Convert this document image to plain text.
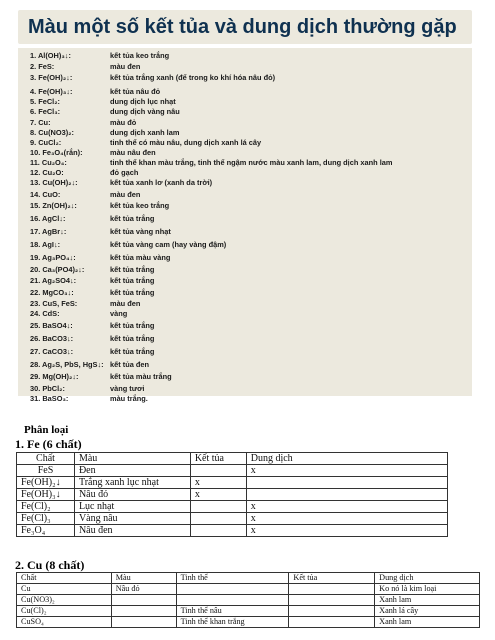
Màu một số kết tủa và dung dịch thường gặp
1. Al(OH)₃↓:	kết tủa keo trắng
2. FeS:	màu đen
3. Fe(OH)₂↓:	kết tủa trắng xanh (để trong ko khí hóa nâu đỏ)
4. Fe(OH)₃↓:	kết tủa nâu đỏ
5. FeCl₂:	dung dịch lục nhạt
6. FeCl₃:	dung dịch vàng nâu
7. Cu:	màu đỏ
8. Cu(NO3)₂:	dung dịch xanh lam
9. CuCl₂:	tinh thể có màu nâu, dung dịch xanh lá cây
10. Fe₃O₄(rắn):	màu nâu đen
11. Cu₂O₄:	tinh thể khan màu trắng, tinh thể ngậm nước màu xanh lam, dung dịch xanh lam
12. Cu₂O:	đỏ gạch
13. Cu(OH)₂↓:	kết tủa xanh lơ (xanh da trời)
14. CuO:	màu đen
15. Zn(OH)₂↓:	kết tủa keo trắng
16. AgCl↓:	kết tủa trắng
17. AgBr↓:	kết tủa vàng nhạt
18. AgI↓:	kết tủa vàng cam (hay vàng đậm)
19. Ag₃PO₄↓:	kết tủa màu vàng
20. Ca₃(PO4)₂↓:	kết tủa trắng
21. Ag₂SO4↓:	kết tủa trắng
22. MgCO₃↓:	kết tủa trắng
23. CuS, FeS:	màu đen
24. CdS:	vàng
25. BaSO4↓:	kết tủa trắng
26. BaCO3↓:	kết tủa trắng
27. CaCO3↓:	kết tủa trắng
28. Ag₂S, PbS, HgS↓: kết tủa đen
29. Mg(OH)₂↓:	kết tủa màu trắng
30. PbCl₂:	vàng tươi
31. BaSO₃:	màu trắng.
Phân loại
1. Fe (6 chất)
Chất	Màu	Kết tủa	Dung dịch
FeS	Đen		x
Fe(OH)₂↓	Trắng xanh lục nhạt	x	
Fe(OH)₃↓	Nâu đỏ	x	
Fe(Cl)₂	Lục nhạt		x
Fe(Cl)₃	Vàng nâu		x
Fe₃O₄	Nâu đen		x
2. Cu (8 chất)
Chất	Màu	Tinh thể	Kết tủa	Dung dịch
Cu	Nâu đỏ			Ko nó là kim loại
Cu(NO3)₂				Xanh lam
Cu(Cl)₂		Tinh thể nâu		Xanh lá cây
CuSO₄		Tinh thể khan trắng		Xanh lam
